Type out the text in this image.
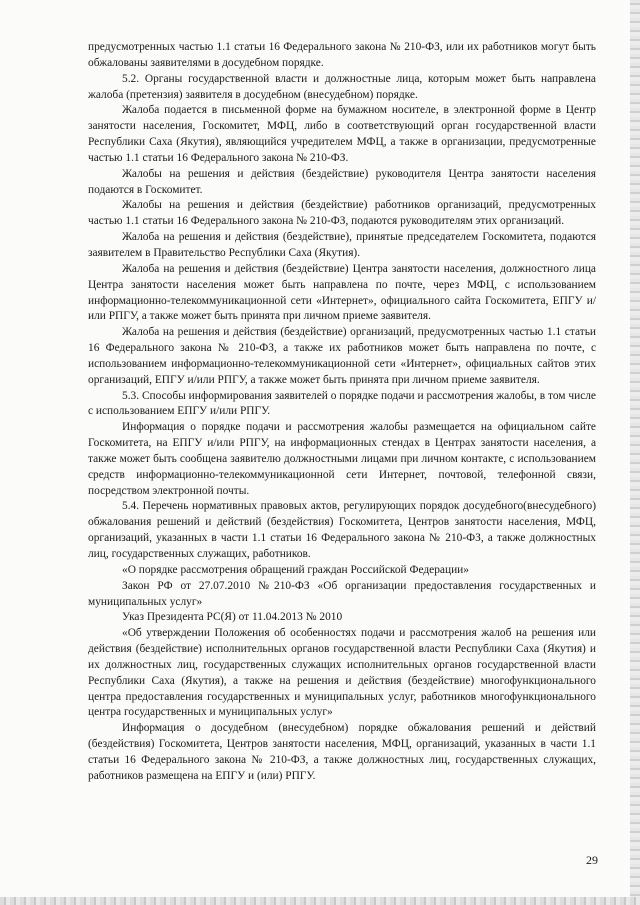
предусмотренных частью 1.1 статьи 16 Федерального закона № 210-ФЗ, или их работников могут быть обжалованы заявителями в досудебном порядке.

5.2. Органы государственной власти и должностные лица, которым может быть направлена жалоба (претензия) заявителя в досудебном (внесудебном) порядке.

Жалоба подается в письменной форме на бумажном носителе, в электронной форме в Центр занятости населения, Госкомитет, МФЦ, либо в соответствующий орган государственной власти Республики Саха (Якутия), являющийся учредителем МФЦ, а также в организации, предусмотренные частью 1.1 статьи 16 Федерального закона № 210-ФЗ.

Жалобы на решения и действия (бездействие) руководителя Центра занятости населения подаются в Госкомитет.

Жалобы на решения и действия (бездействие) работников организаций, предусмотренных частью 1.1 статьи 16 Федерального закона № 210-ФЗ, подаются руководителям этих организаций.

Жалоба на решения и действия (бездействие), принятые председателем Госкомитета, подаются заявителем в Правительство Республики Саха (Якутия).

Жалоба на решения и действия (бездействие) Центра занятости населения, должностного лица Центра занятости населения может быть направлена по почте, через МФЦ, с использованием информационно-телекоммуникационной сети «Интернет», официального сайта Госкомитета, ЕПГУ и/или РПГУ, а также может быть принята при личном приеме заявителя.

Жалоба на решения и действия (бездействие) организаций, предусмотренных частью 1.1 статьи 16 Федерального закона № 210-ФЗ, а также их работников может быть направлена по почте, с использованием информационно-телекоммуникационной сети «Интернет», официальных сайтов этих организаций, ЕПГУ и/или РПГУ, а также может быть принята при личном приеме заявителя.

5.3. Способы информирования заявителей о порядке подачи и рассмотрения жалобы, в том числе с использованием ЕПГУ и/или РПГУ.

Информация о порядке подачи и рассмотрения жалобы размещается на официальном сайте Госкомитета, на ЕПГУ и/или РПГУ, на информационных стендах в Центрах занятости населения, а также может быть сообщена заявителю должностными лицами при личном контакте, с использованием средств информационно-телекоммуникационной сети Интернет, почтовой, телефонной связи, посредством электронной почты.

5.4. Перечень нормативных правовых актов, регулирующих порядок досудебного(внесудебного) обжалования решений и действий (бездействия) Госкомитета, Центров занятости населения, МФЦ, организаций, указанных в части 1.1 статьи 16 Федерального закона № 210-ФЗ, а также должностных лиц, государственных служащих, работников.

«О порядке рассмотрения обращений граждан Российской Федерации»

Закон РФ от 27.07.2010 №210-ФЗ «Об организации предоставления государственных и муниципальных услуг»

Указ Президента РС(Я) от 11.04.2013 № 2010

«Об утверждении Положения об особенностях подачи и рассмотрения жалоб на решения или действия (бездействие) исполнительных органов государственной власти Республики Саха (Якутия) и их должностных лиц, государственных служащих исполнительных органов государственной власти Республики Саха (Якутия), а также на решения и действия (бездействие) многофункционального центра предоставления государственных и муниципальных услуг, работников многофункционального центра государственных и муниципальных услуг»

Информация о досудебном (внесудебном) порядке обжалования решений и действий (бездействия) Госкомитета, Центров занятости населения, МФЦ, организаций, указанных в части 1.1 статьи 16 Федерального закона № 210-ФЗ, а также должностных лиц, государственных служащих, работников размещена на ЕПГУ и (или) РПГУ.

29
